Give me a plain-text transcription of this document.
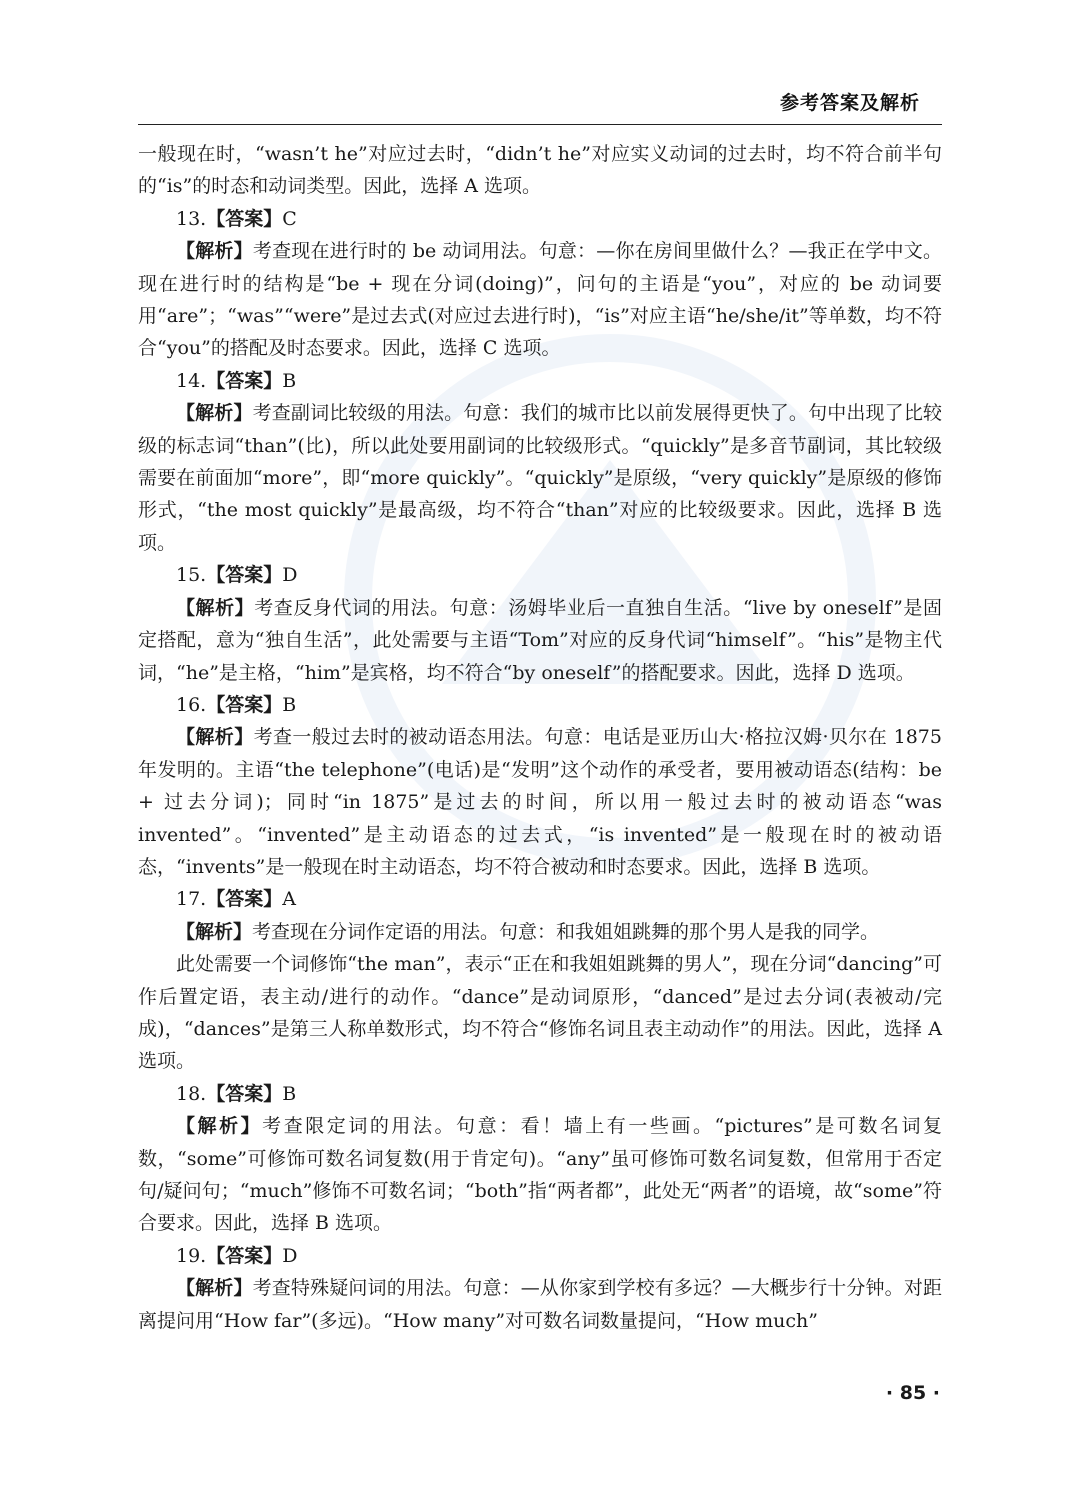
参考答案及解析

一般现在时，“wasn’t he”对应过去时，“didn’t he”对应实义动词的过去时，均不符合前半句的“is”的时态和动词类型。因此，选择 A 选项。

13.【答案】C

【解析】考查现在进行时的 be 动词用法。句意：—你在房间里做什么？—我正在学中文。现在进行时的结构是“be + 现在分词(doing)”，问句的主语是“you”，对应的 be 动词要用“are”；“was”“were”是过去式(对应过去进行时)，“is”对应主语“he/she/it”等单数，均不符合“you”的搭配及时态要求。因此，选择 C 选项。

14.【答案】B

【解析】考查副词比较级的用法。句意：我们的城市比以前发展得更快了。句中出现了比较级的标志词“than”(比)，所以此处要用副词的比较级形式。“quickly”是多音节副词，其比较级需要在前面加“more”，即“more quickly”。“quickly”是原级，“very quickly”是原级的修饰形式，“the most quickly”是最高级，均不符合“than”对应的比较级要求。因此，选择 B 选项。

15.【答案】D

【解析】考查反身代词的用法。句意：汤姆毕业后一直独自生活。“live by oneself”是固定搭配，意为“独自生活”，此处需要与主语“Tom”对应的反身代词“himself”。“his”是物主代词，“he”是主格，“him”是宾格，均不符合“by oneself”的搭配要求。因此，选择 D 选项。

16.【答案】B

【解析】考查一般过去时的被动语态用法。句意：电话是亚历山大·格拉汉姆·贝尔在 1875 年发明的。主语“the telephone”(电话)是“发明”这个动作的承受者，要用被动语态(结构：be + 过去分词)；同时“in 1875”是过去的时间，所以用一般过去时的被动语态“was invented”。“invented”是主动语态的过去式，“is invented”是一般现在时的被动语态，“invents”是一般现在时主动语态，均不符合被动和时态要求。因此，选择 B 选项。

17.【答案】A

【解析】考查现在分词作定语的用法。句意：和我姐姐跳舞的那个男人是我的同学。

此处需要一个词修饰“the man”，表示“正在和我姐姐跳舞的男人”，现在分词“dancing”可作后置定语，表主动/进行的动作。“dance”是动词原形，“danced”是过去分词(表被动/完成)，“dances”是第三人称单数形式，均不符合“修饰名词且表主动动作”的用法。因此，选择 A 选项。

18.【答案】B

【解析】考查限定词的用法。句意：看！墙上有一些画。“pictures”是可数名词复数，“some”可修饰可数名词复数(用于肯定句)。“any”虽可修饰可数名词复数，但常用于否定句/疑问句；“much”修饰不可数名词；“both”指“两者都”，此处无“两者”的语境，故“some”符合要求。因此，选择 B 选项。

19.【答案】D

【解析】考查特殊疑问词的用法。句意：—从你家到学校有多远？—大概步行十分钟。对距离提问用“How far”(多远)。“How many”对可数名词数量提问，“How much”

· 85 ·
